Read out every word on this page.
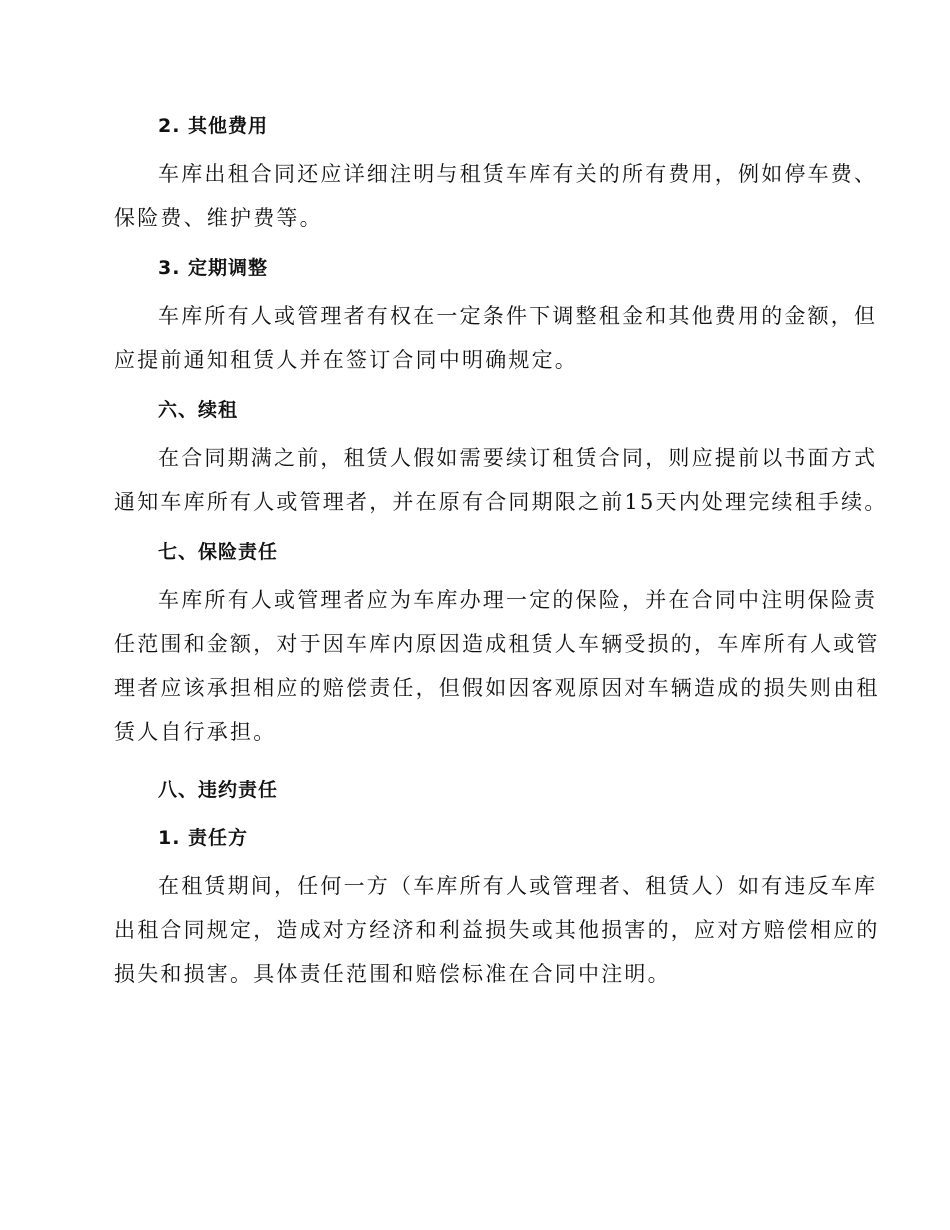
2. 其他费用
车库出租合同还应详细注明与租赁车库有关的所有费用，例如停车费、
保险费、维护费等。
3. 定期调整
车库所有人或管理者有权在一定条件下调整租金和其他费用的金额，但
应提前通知租赁人并在签订合同中明确规定。
六、续租
在合同期满之前，租赁人假如需要续订租赁合同，则应提前以书面方式
通知车库所有人或管理者，并在原有合同期限之前15天内处理完续租手续。
七、保险责任
车库所有人或管理者应为车库办理一定的保险，并在合同中注明保险责
任范围和金额，对于因车库内原因造成租赁人车辆受损的，车库所有人或管
理者应该承担相应的赔偿责任，但假如因客观原因对车辆造成的损失则由租
赁人自行承担。
八、违约责任
1. 责任方
在租赁期间，任何一方（车库所有人或管理者、租赁人）如有违反车库
出租合同规定，造成对方经济和利益损失或其他损害的，应对方赔偿相应的
损失和损害。具体责任范围和赔偿标准在合同中注明。
